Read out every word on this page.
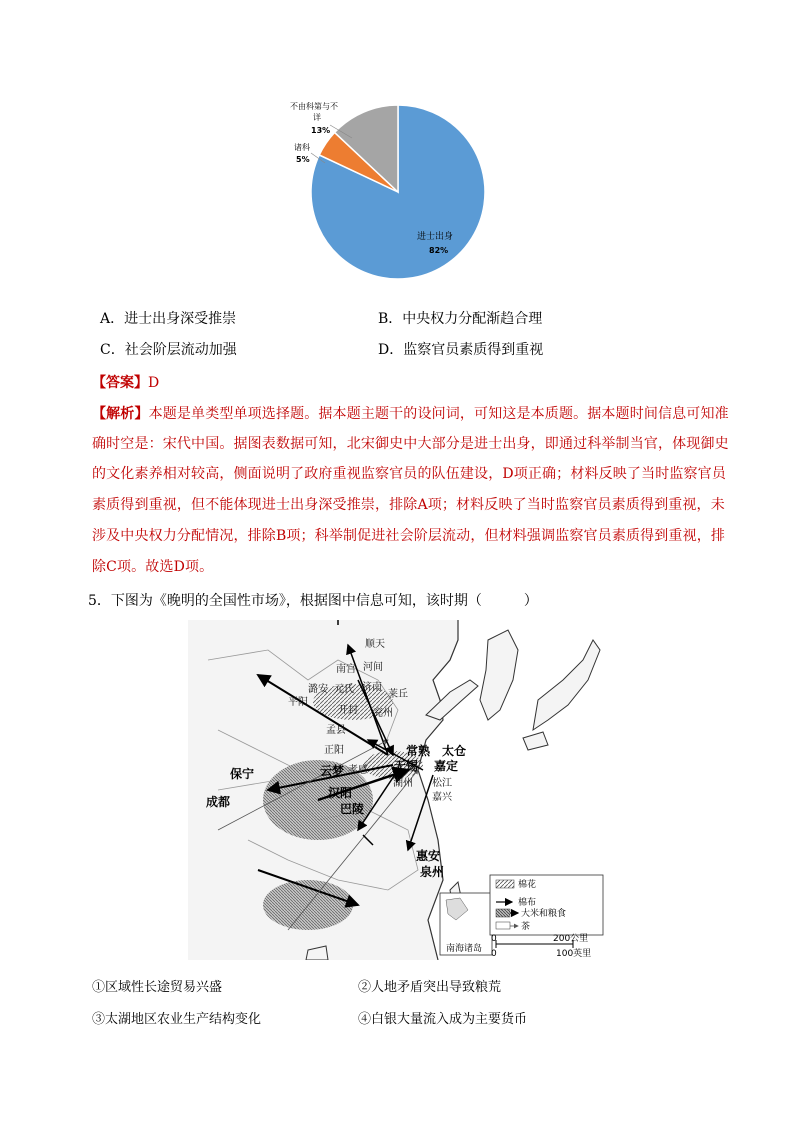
不由科第与不
详
13%
诸科
5%
进士出身
82%
A．进士出身深受推崇	B．中央权力分配渐趋合理
C．社会阶层流动加强	D．监察官员素质得到重视
【答案】D
【解析】本题是单类型单项选择题。据本题主题干的设问词，可知这是本质题。据本题时间信息可知准
确时空是：宋代中国。据图表数据可知，北宋御史中大部分是进士出身，即通过科举制当官，体现御史
的文化素养相对较高，侧面说明了政府重视监察官员的队伍建设，D项正确；材料反映了当时监察官员
素质得到重视，但不能体现进士出身深受推崇，排除A项；材料反映了当时监察官员素质得到重视，未
涉及中央权力分配情况，排除B项；科举制促进社会阶层流动，但材料强调监察官员素质得到重视，排
除C项。故选D项。
5．下图为《晚明的全国性市场》，根据图中信息可知，该时期（　　　）
顺天
南宫 河间
潞安 元氏 济南
莱丘
平阳
开封 兖州
孟县
正阳	常熟 太仓
嘉定
无锡
湖州 松江
嘉兴
保宁
成都
云梦 孝感
汉阳
巴陵
惠安
泉州
南海诸岛
棉花
棉布
大米和粮食
茶
0	200公里
0	100英里
①区域性长途贸易兴盛	②人地矛盾突出导致粮荒
③太湖地区农业生产结构变化	④白银大量流入成为主要货币
